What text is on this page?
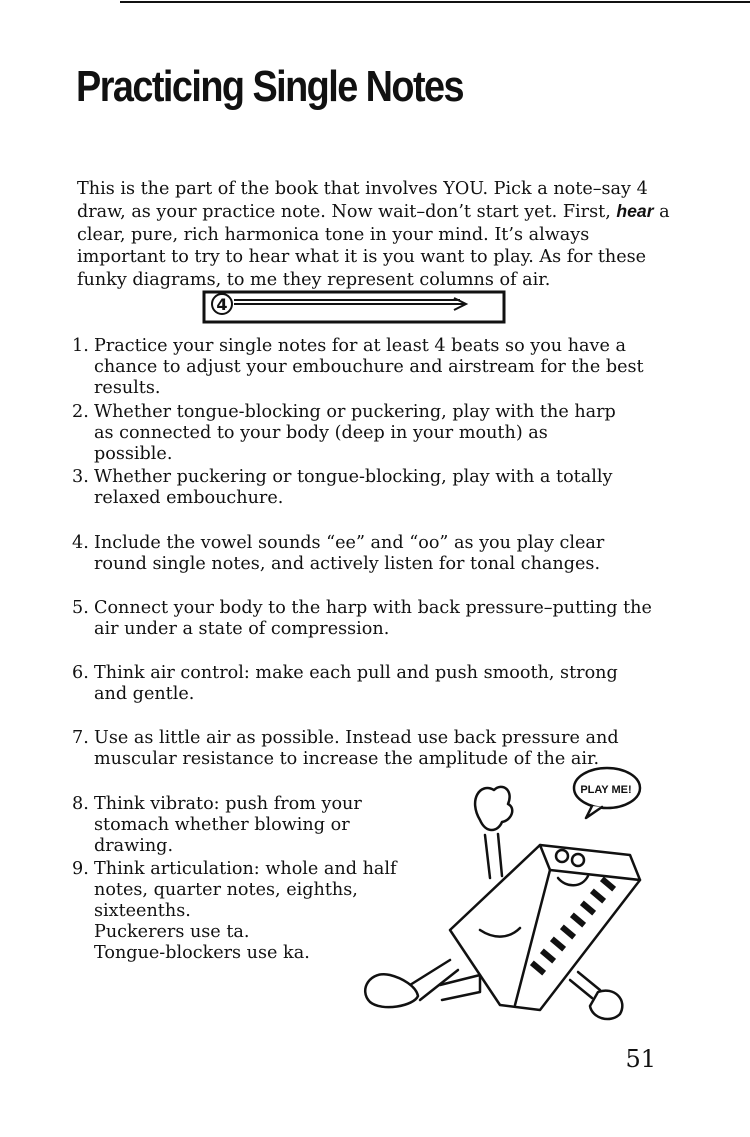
Practicing Single Notes

This is the part of the book that involves YOU. Pick a note–say 4 draw, as your practice note. Now wait–don’t start yet. First, hear a clear, pure, rich harmonica tone in your mind. It’s always important to try to hear what it is you want to play. As for these funky diagrams, to me they represent columns of air.

4
1. Practice your single notes for at least 4 beats so you have a chance to adjust your embouchure and airstream for the best results.
2. Whether tongue-blocking or puckering, play with the harp as connected to your body (deep in your mouth) as possible.
3. Whether puckering or tongue-blocking, play with a totally relaxed embouchure.
4. Include the vowel sounds “ee” and “oo” as you play clear round single notes, and actively listen for tonal changes.
5. Connect your body to the harp with back pressure–putting the air under a state of compression.
6. Think air control: make each pull and push smooth, strong and gentle.
7. Use as little air as possible. Instead use back pressure and muscular resistance to increase the amplitude of the air.
8. Think vibrato: push from your stomach whether blowing or drawing.
9. Think articulation: whole and half notes, quarter notes, eighths, sixteenths.
Puckerers use ta.
Tongue-blockers use ka.
PLAY ME!
51
